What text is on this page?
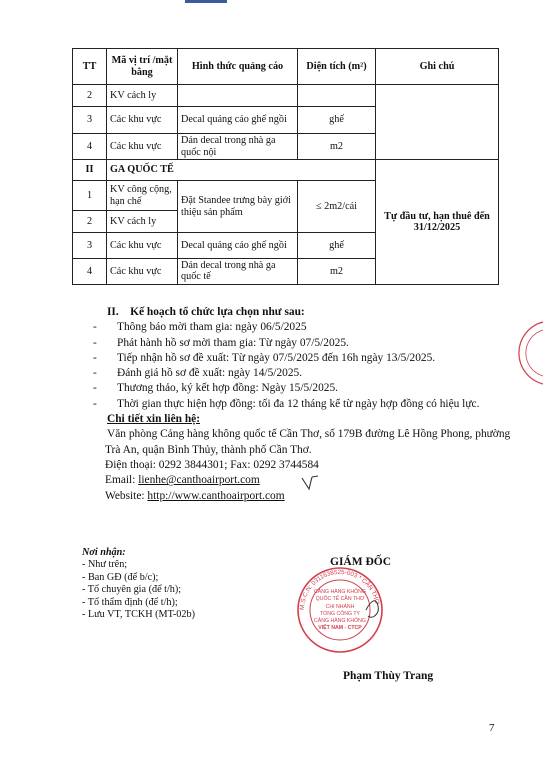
TT	Mã vị trí /mặt bằng	Hình thức quảng cáo	Diện tích (m²)	Ghi chú
2	KV cách ly			
3	Các khu vực	Decal quảng cáo ghế ngồi	ghế	
4	Các khu vực	Dán decal trong nhà ga quốc nội	m2	
II	GA QUỐC TẾ			Tự đầu tư, hạn thuê đến 31/12/2025
1	KV công cộng, hạn chế	Đặt Standee trưng bày giới thiệu sản phẩm	≤ 2m2/cái	
2	KV cách ly			
3	Các khu vực	Decal quảng cáo ghế ngồi	ghế	
4	Các khu vực	Dán decal trong nhà ga quốc tế	m2	

II. Kế hoạch tổ chức lựa chọn như sau:

- Thông báo mời tham gia: ngày 06/5/2025

- Phát hành hồ sơ mời tham gia: Từ ngày 07/5/2025.

- Tiếp nhận hồ sơ đề xuất: Từ ngày 07/5/2025 đến 16h ngày 13/5/2025.

- Đánh giá hồ sơ đề xuất: ngày 14/5/2025.

- Thương thảo, ký kết hợp đồng: Ngày 15/5/2025.

- Thời gian thực hiện hợp đồng: tối đa 12 tháng kể từ ngày hợp đồng có hiệu lực.

Chi tiết xin liên hệ:

Văn phòng Cảng hàng không quốc tế Cần Thơ, số 179B đường Lê Hồng Phong, phường Trà An, quận Bình Thủy, thành phố Cần Thơ.

Điện thoại: 0292 3844301; Fax: 0292 3744584

Email: lienhe@canthoairport.com

Website: http://www.canthoairport.com

Nơi nhận:

- Như trên;

- Ban GĐ (để b/c);

- Tổ chuyên gia (để t/h);

- Tổ thẩm định (để t/h);

- Lưu VT, TCKH (MT-02b)

GIÁM ĐỐC
M.S.C.N: 0311638525-003 * CẦN THƠ
CẢNG HÀNG KHÔNG
QUỐC TẾ CẦN THƠ
CHI NHÁNH
TỔNG CÔNG TY
CẢNG HÀNG KHÔNG
VIỆT NAM - CTCP
Phạm Thùy Trang
7
